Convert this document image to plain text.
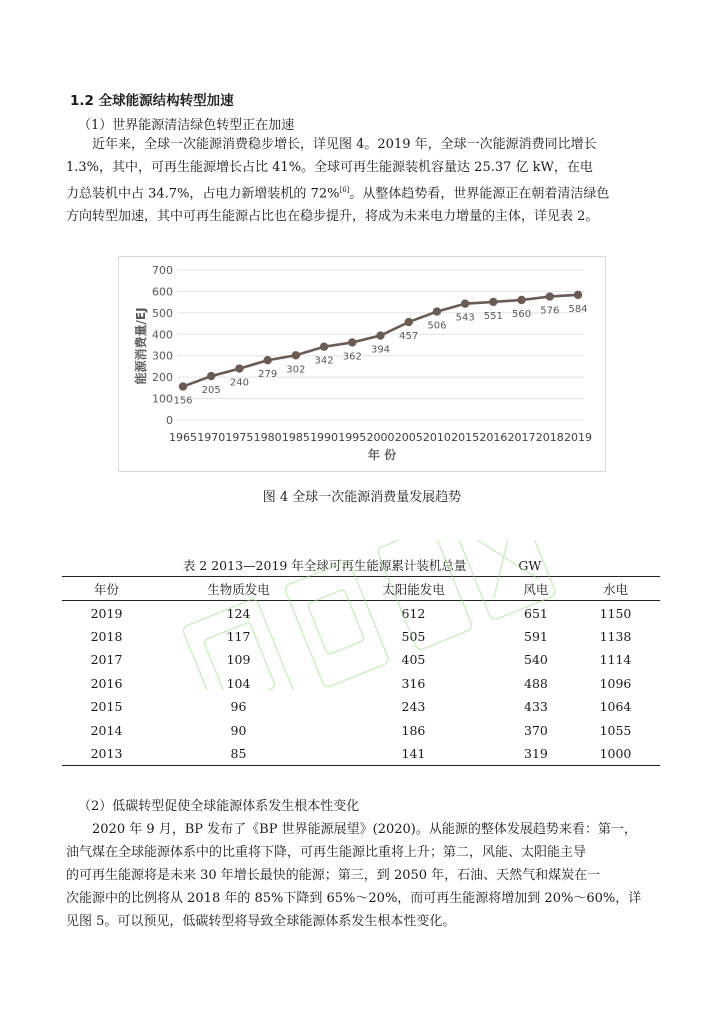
1.2 全球能源结构转型加速
（1）世界能源清洁绿色转型正在加速
近年来，全球一次能源消费稳步增长，详见图 4。2019 年，全球一次能源消费同比增长
1.3%，其中，可再生能源增长占比 41%。全球可再生能源装机容量达 25.37 亿 kW，在电
力总装机中占 34.7%，占电力新增装机的 72%[6]。从整体趋势看，世界能源正在朝着清洁绿色
方向转型加速，其中可再生能源占比也在稳步提升，将成为未来电力增量的主体，详见表 2。
0
100
200
300
400
500
600
700
1965 1970 1975 1980 1985 1990 1995 2000 2005 2010 2015 2016 2017 2018 2019
156
205
240
279 302
342 362
394
457
506
543 551 560 576 584
能源消费量/EJ
年 份
图 4 全球一次能源消费量发展趋势
表 2 2013—2019 年全球可再生能源累计装机总量	GW
年份	生物质发电	太阳能发电	风电	水电
2019	124	612	651	1150
2018	117	505	591	1138
2017	109	405	540	1114
2016	104	316	488	1096
2015	96	243	433	1064
2014	90	186	370	1055
2013	85	141	319	1000
（2）低碳转型促使全球能源体系发生根本性变化
2020 年 9 月，BP 发布了《BP 世界能源展望》(2020)。从能源的整体发展趋势来看：第一，
油气煤在全球能源体系中的比重将下降，可再生能源比重将上升；第二，风能、太阳能主导
的可再生能源将是未来 30 年增长最快的能源；第三，到 2050 年，石油、天然气和煤炭在一
次能源中的比例将从 2018 年的 85%下降到 65%～20%，而可再生能源将增加到 20%～60%，详
见图 5。可以预见，低碳转型将导致全球能源体系发生根本性变化。
